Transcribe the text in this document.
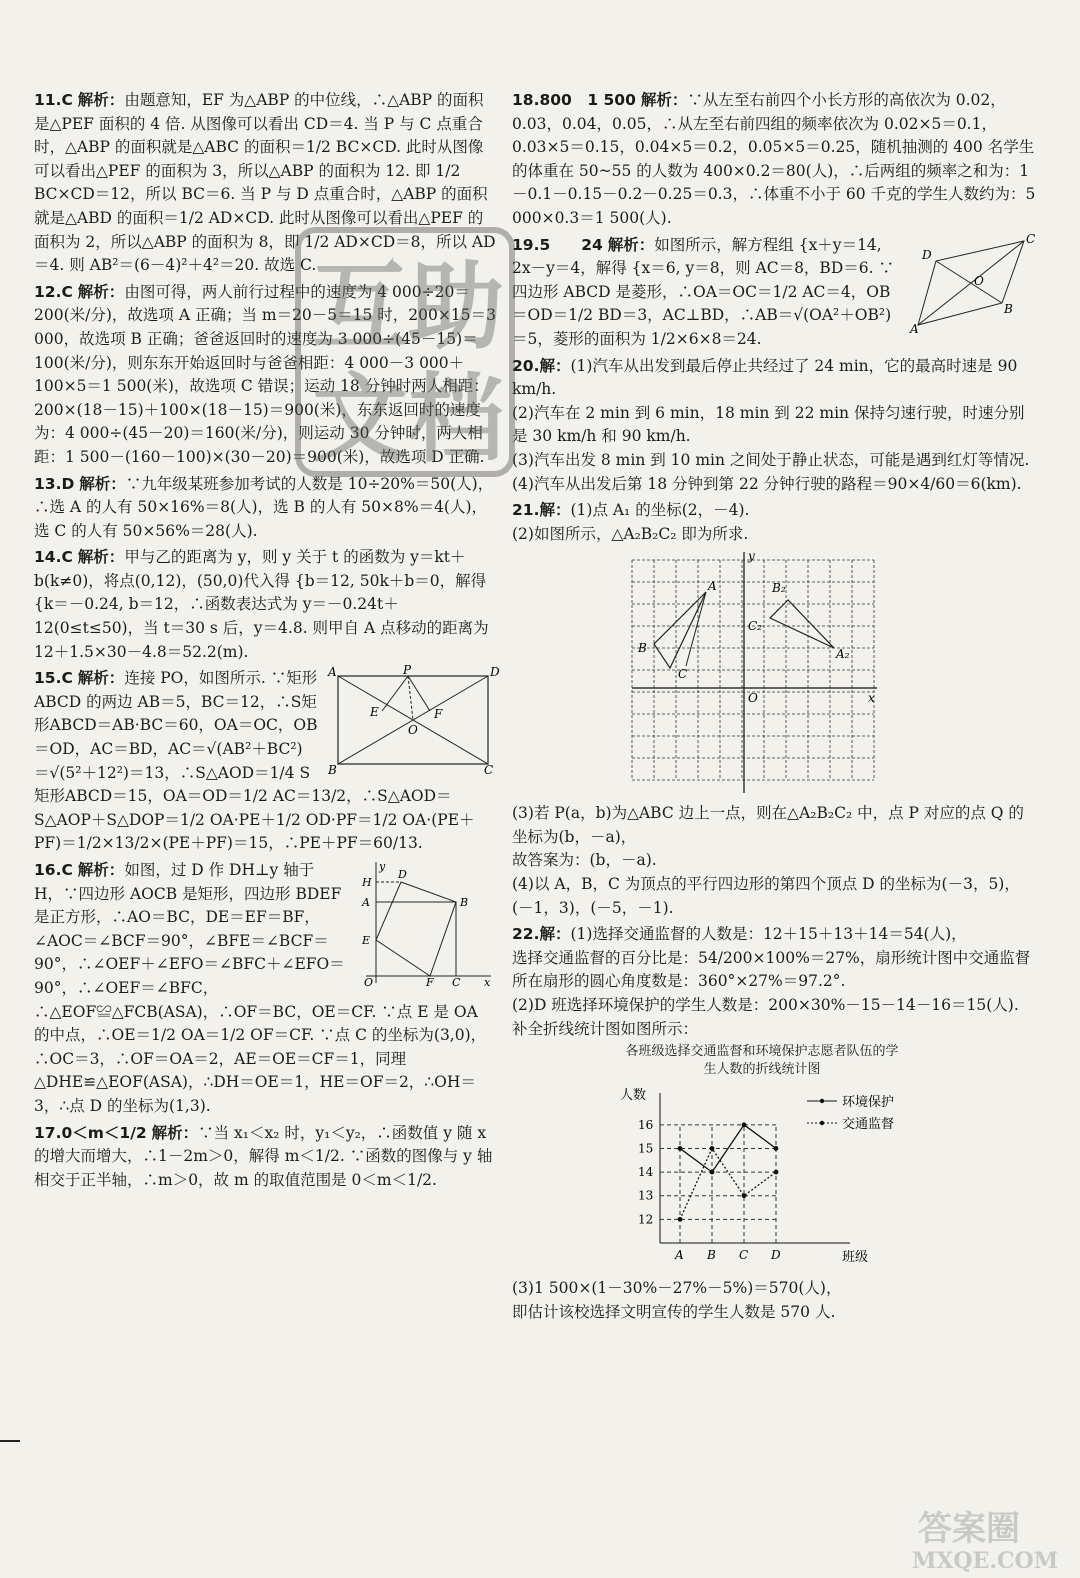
11.C 解析：由题意知，EF 为△ABP 的中位线，∴△ABP 的面积是△PEF 面积的 4 倍. 从图像可以看出 CD＝4. 当 P 与 C 点重合时，△ABP 的面积就是△ABC 的面积＝1/2 BC×CD. 此时从图像可以看出△PEF 的面积为 3，所以△ABP 的面积为 12. 即 1/2 BC×CD＝12，所以 BC＝6. 当 P 与 D 点重合时，△ABP 的面积就是△ABD 的面积＝1/2 AD×CD. 此时从图像可以看出△PEF 的面积为 2，所以△ABP 的面积为 8，即 1/2 AD×CD＝8，所以 AD＝4. 则 AB²＝(6－4)²＋4²＝20. 故选 C.
12.C 解析：由图可得，两人前行过程中的速度为 4 000÷20＝200(米/分)，故选项 A 正确；当 m＝20－5＝15 时，200×15＝3 000，故选项 B 正确；爸爸返回时的速度为 3 000÷(45－15)＝100(米/分)，则东东开始返回时与爸爸相距：4 000－3 000＋100×5＝1 500(米)，故选项 C 错误；运动 18 分钟时两人相距：200×(18－15)＋100×(18－15)＝900(米)，东东返回时的速度为：4 000÷(45－20)＝160(米/分)，则运动 30 分钟时，两人相距：1 500－(160－100)×(30－20)＝900(米)，故选项 D 正确.
13.D 解析：∵九年级某班参加考试的人数是 10÷20%＝50(人)，∴选 A 的人有 50×16%＝8(人)，选 B 的人有 50×8%＝4(人)，选 C 的人有 50×56%＝28(人).
14.C 解析：甲与乙的距离为 y，则 y 关于 t 的函数为 y＝kt＋b(k≠0)，将点(0,12)，(50,0)代入得 {b＝12, 50k＋b＝0，解得 {k＝－0.24, b＝12，∴函数表达式为 y＝－0.24t＋12(0≤t≤50)，当 t＝30 s 后，y＝4.8. 则甲自 A 点移动的距离为 12＋1.5×30－4.8＝52.2(m).
A	P	D
E
O
F
B	C
15.C 解析：连接 PO，如图所示. ∵矩形 ABCD 的两边 AB＝5，BC＝12，∴S矩形ABCD＝AB·BC＝60，OA＝OC，OB＝OD，AC＝BD，AC＝√(AB²＋BC²)＝√(5²＋12²)＝13，∴S△AOD＝1/4 S矩形ABCD＝15，OA＝OD＝1/2 AC＝13/2，∴S△AOD＝S△AOP＋S△DOP＝1/2 OA·PE＋1/2 OD·PF＝1/2 OA·(PE＋PF)＝1/2×13/2×(PE＋PF)＝15，∴PE＋PF＝60/13.
y
D
H
A	B
E
O	F C x
16.C 解析：如图，过 D 作 DH⊥y 轴于 H，∵四边形 AOCB 是矩形，四边形 BDEF 是正方形，∴AO＝BC，DE＝EF＝BF，∠AOC＝∠BCF＝90°，∠BFE＝∠BCF＝90°，∴∠OEF＋∠EFO＝∠BFC＋∠EFO＝90°，∴∠OEF＝∠BFC，∴△EOF≌△FCB(ASA)，∴OF＝BC，OE＝CF. ∵点 E 是 OA 的中点，∴OE＝1/2 OA＝1/2 OF＝CF. ∵点 C 的坐标为(3,0)，∴OC＝3，∴OF＝OA＝2，AE＝OE＝CF＝1，同理△DHE≌△EOF(ASA)，∴DH＝OE＝1，HE＝OF＝2，∴OH＝3，∴点 D 的坐标为(1,3).
17.0＜m＜1/2 解析：∵当 x₁＜x₂ 时，y₁＜y₂，∴函数值 y 随 x 的增大而增大，∴1－2m＞0，解得 m＜1/2. ∵函数的图像与 y 轴相交于正半轴，∴m＞0，故 m 的取值范围是 0＜m＜1/2.
18.800　1 500 解析：∵从左至右前四个小长方形的高依次为 0.02，0.03，0.04，0.05，∴从左至右前四组的频率依次为 0.02×5＝0.1，0.03×5＝0.15，0.04×5＝0.2，0.05×5＝0.25，随机抽测的 400 名学生的体重在 50~55 的人数为 400×0.2＝80(人)，∴后两组的频率之和为：1－0.1－0.15－0.2－0.25＝0.3，∴体重不小于 60 千克的学生人数约为：5 000×0.3＝1 500(人).
C
D
O
B
A
19.5　　24 解析：如图所示，解方程组 {x＋y＝14, 2x－y＝4，解得 {x＝6, y＝8，则 AC＝8，BD＝6. ∵四边形 ABCD 是菱形，∴OA＝OC＝1/2 AC＝4，OB＝OD＝1/2 BD＝3，AC⊥BD，∴AB＝√(OA²＋OB²)＝5，菱形的面积为 1/2×6×8＝24.
20.解：(1)汽车从出发到最后停止共经过了 24 min，它的最高时速是 90 km/h.

(2)汽车在 2 min 到 6 min，18 min 到 22 min 保持匀速行驶，时速分别是 30 km/h 和 90 km/h.

(3)汽车出发 8 min 到 10 min 之间处于静止状态，可能是遇到红灯等情况.

(4)汽车从出发后第 18 分钟到第 22 分钟行驶的路程＝90×4/60＝6(km).

21.解：(1)点 A₁ 的坐标(2，－4).

(2)如图所示，△A₂B₂C₂ 即为所求.

y
A	B₂
C₂
B	A₂
C
O	x

(3)若 P(a，b)为△ABC 边上一点，则在△A₂B₂C₂ 中，点 P 对应的点 Q 的坐标为(b，－a)，

故答案为：(b，－a).

(4)以 A，B，C 为顶点的平行四边形的第四个顶点 D 的坐标为(－3，5)，(－1，3)，(－5，－1).

22.解：(1)选择交通监督的人数是：12＋15＋13＋14＝54(人)，

选择交通监督的百分比是：54/200×100%＝27%，扇形统计图中交通监督所在扇形的圆心角度数是：360°×27%＝97.2°.

(2)D 班选择环境保护的学生人数是：200×30%－15－14－16＝15(人).

补全折线统计图如图所示：

各班级选择交通监督和环境保护志愿者队伍的学生人数的折线统计图
人数
班级
12
13
14
15
16
A B C D
环境保护
交通监督

(3)1 500×(1－30%－27%－5%)＝570(人)，

即估计该校选择文明宣传的学生人数是 570 人.

互 助
文 档
答案圈
MXQE.COM
